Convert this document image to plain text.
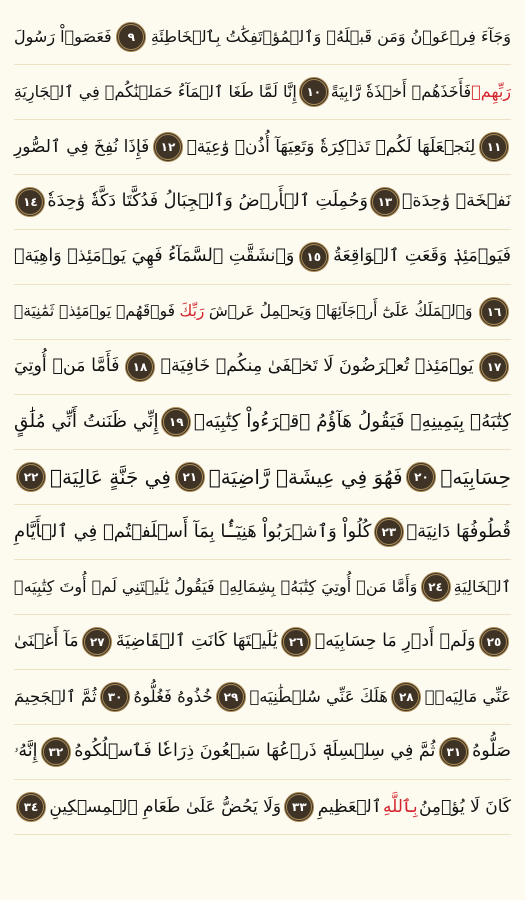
وَجَآءَ فِرۡعَوۡنُ وَمَن قَبۡلَهُۥ وَٱلۡمُؤۡتَفِكَٰتُ بِٱلۡخَاطِئَةِ
٩
فَعَصَوۡاْ رَسُولَ
رَبِّهِمۡ
فَأَخَذَهُمۡ أَخۡذَةٗ رَّابِيَةً
١٠
إِنَّا لَمَّا طَغَا ٱلۡمَآءُ حَمَلۡنَٰكُمۡ فِي ٱلۡجَارِيَةِ
١١
لِنَجۡعَلَهَا لَكُمۡ تَذۡكِرَةٗ وَتَعِيَهَآ أُذُنٞ وَٰعِيَةٞ
١٢
فَإِذَا نُفِخَ فِي ٱلصُّورِ
نَفۡخَةٞ وَٰحِدَةٞ
١٣
وَحُمِلَتِ ٱلۡأَرۡضُ وَٱلۡجِبَالُ فَدُكَّتَا دَكَّةٗ وَٰحِدَةٗ
١٤
فَيَوۡمَئِذٖ وَقَعَتِ ٱلۡوَاقِعَةُ
١٥
وَٱنشَقَّتِ ٱلسَّمَآءُ فَهِيَ يَوۡمَئِذٖ وَاهِيَةٞ
١٦
وَٱلۡمَلَكُ عَلَىٰٓ أَرۡجَآئِهَاۚ وَيَحۡمِلُ عَرۡشَ
رَبِّكَ
فَوۡقَهُمۡ يَوۡمَئِذٖ ثَمَٰنِيَةٞ
١٧
يَوۡمَئِذٖ تُعۡرَضُونَ لَا تَخۡفَىٰ مِنكُمۡ خَافِيَةٞ
١٨
فَأَمَّا مَنۡ أُوتِيَ
كِتَٰبَهُۥ بِيَمِينِهِۦ فَيَقُولُ هَآؤُمُ ٱقۡرَءُواْ كِتَٰبِيَهۡ
١٩
إِنِّي ظَنَنتُ أَنِّي مُلَٰقٍ
حِسَابِيَهۡ
٢٠
فَهُوَ فِي عِيشَةٖ رَّاضِيَةٖ
٢١
فِي جَنَّةٍ عَالِيَةٖ
٢٢
قُطُوفُهَا دَانِيَةٞ
٢٣
كُلُواْ وَٱشۡرَبُواْ هَنِيٓـَٔۢا بِمَآ أَسۡلَفۡتُمۡ فِي ٱلۡأَيَّامِ
ٱلۡخَالِيَةِ
٢٤
وَأَمَّا مَنۡ أُوتِيَ كِتَٰبَهُۥ بِشِمَالِهِۦ فَيَقُولُ يَٰلَيۡتَنِي لَمۡ أُوتَ كِتَٰبِيَهۡ
٢٥
وَلَمۡ أَدۡرِ مَا حِسَابِيَهۡ
٢٦
يَٰلَيۡتَهَا كَانَتِ ٱلۡقَاضِيَةَ
٢٧
مَآ أَغۡنَىٰ
عَنِّي مَالِيَهۡۜ
٢٨
هَلَكَ عَنِّي سُلۡطَٰنِيَهۡ
٢٩
خُذُوهُ فَغُلُّوهُ
٣٠
ثُمَّ ٱلۡجَحِيمَ
صَلُّوهُ
٣١
ثُمَّ فِي سِلۡسِلَةٖ ذَرۡعُهَا سَبۡعُونَ ذِرَاعٗا فَٱسۡلُكُوهُ
٣٢
إِنَّهُۥ
كَانَ لَا يُؤۡمِنُ
بِٱللَّهِ
ٱلۡعَظِيمِ
٣٣
وَلَا يَحُضُّ عَلَىٰ طَعَامِ ٱلۡمِسۡكِينِ
٣٤
